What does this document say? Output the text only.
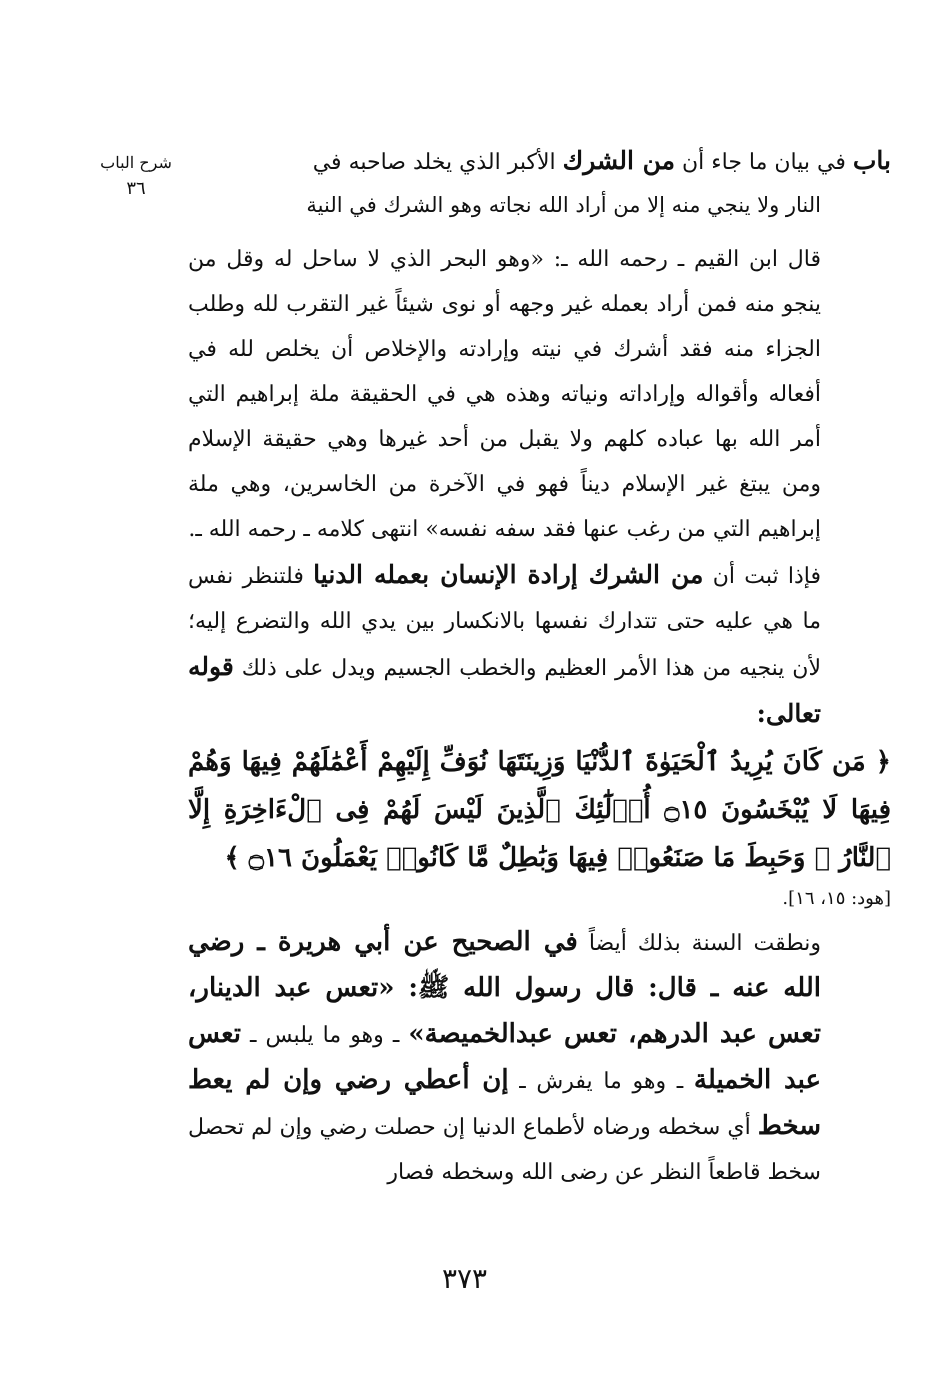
شرح الباب
٣٦
باب في بيان ما جاء أن من الشرك الأكبر الذي يخلد صاحبه في
النار ولا ينجي منه إلا من أراد الله نجاته وهو الشرك في النية

قال ابن القيم ـ رحمه الله ـ: «وهو البحر الذي لا ساحل له وقل من ينجو منه فمن أراد بعمله غير وجهه أو نوى شيئاً غير التقرب لله وطلب الجزاء منه فقد أشرك في نيته وإرادته والإخلاص أن يخلص لله في أفعاله وأقواله وإراداته ونياته وهذه هي في الحقيقة ملة إبراهيم التي أمر الله بها عباده كلهم ولا يقبل من أحد غيرها وهي حقيقة الإسلام ومن يبتغ غير الإسلام ديناً فهو في الآخرة من الخاسرين، وهي ملة إبراهيم التي من رغب عنها فقد سفه نفسه» انتهى كلامه ـ رحمه الله ـ.

فإذا ثبت أن من الشرك إرادة الإنسان بعمله الدنيا فلتنظر نفس ما هي عليه حتى تتدارك نفسها بالانكسار بين يدي الله والتضرع إليه؛ لأن ينجيه من هذا الأمر العظيم والخطب الجسيم ويدل على ذلك قوله تعالى:

﴿ مَن كَانَ يُرِيدُ ٱلْحَيَوٰةَ ٱلدُّنْيَا وَزِينَتَهَا نُوَفِّ إِلَيْهِمْ أَعْمَٰلَهُمْ فِيهَا وَهُمْ فِيهَا لَا يُبْخَسُونَ ۝١٥ أُو۟لَٰٓئِكَ ٱلَّذِينَ لَيْسَ لَهُمْ فِى ٱلْءَاخِرَةِ إِلَّا ٱلنَّارُ ۖ وَحَبِطَ مَا صَنَعُوا۟ فِيهَا وَبَٰطِلٌ مَّا كَانُوا۟ يَعْمَلُونَ ۝١٦ ﴾
[هود: ١٥، ١٦].

ونطقت السنة بذلك أيضاً في الصحيح عن أبي هريرة ـ رضي الله عنه ـ قال: قال رسول الله ﷺ: «تعس عبد الدينار، تعس عبد الدرهم، تعس عبدالخميصة» ـ وهو ما يلبس ـ تعس عبد الخميلة ـ وهو ما يفرش ـ إن أعطي رضي وإن لم يعط سخط أي سخطه ورضاه لأطماع الدنيا إن حصلت رضي وإن لم تحصل سخط قاطعاً النظر عن رضى الله وسخطه فصار

٣٧٣
